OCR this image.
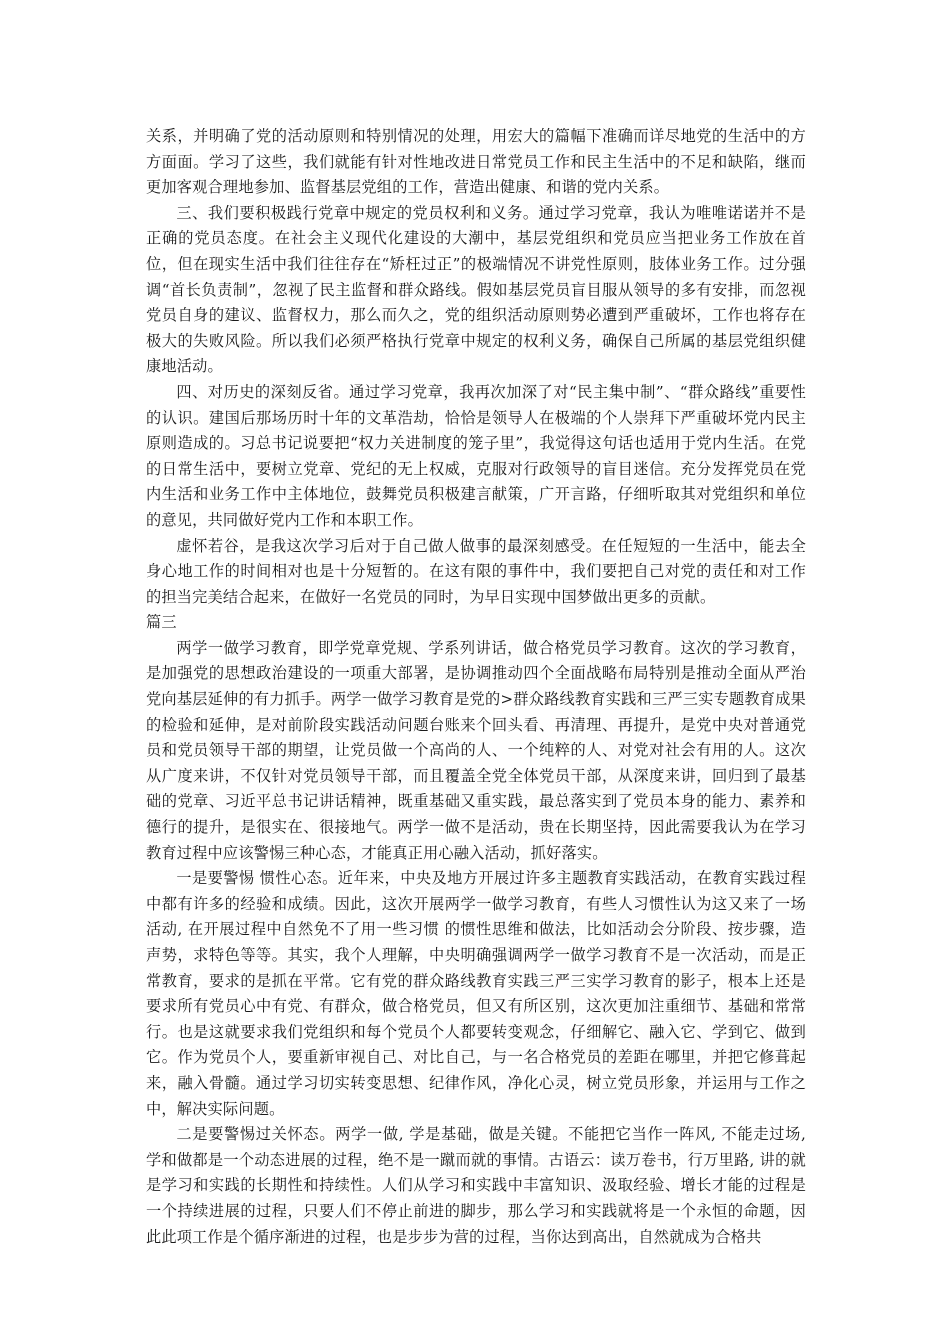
关系，并明确了党的活动原则和特别情况的处理，用宏大的篇幅下准确而详尽地党的生活中的方方面面。学习了这些，我们就能有针对性地改进日常党员工作和民主生活中的不足和缺陷，继而更加客观合理地参加、监督基层党组的工作，营造出健康、和谐的党内关系。

三、我们要积极践行党章中规定的党员权利和义务。通过学习党章，我认为唯唯诺诺并不是正确的党员态度。在社会主义现代化建设的大潮中，基层党组织和党员应当把业务工作放在首位，但在现实生活中我们往往存在“矫枉过正”的极端情况不讲党性原则，肢体业务工作。过分强调“首长负责制”，忽视了民主监督和群众路线。假如基层党员盲目服从领导的多有安排，而忽视党员自身的建议、监督权力，那么而久之，党的组织活动原则势必遭到严重破坏，工作也将存在极大的失败风险。所以我们必须严格执行党章中规定的权利义务，确保自己所属的基层党组织健康地活动。

四、对历史的深刻反省。通过学习党章，我再次加深了对“民主集中制”、“群众路线”重要性的认识。建国后那场历时十年的文革浩劫，恰恰是领导人在极端的个人崇拜下严重破坏党内民主原则造成的。习总书记说要把“权力关进制度的笼子里”，我觉得这句话也适用于党内生活。在党的日常生活中，要树立党章、党纪的无上权威，克服对行政领导的盲目迷信。充分发挥党员在党内生活和业务工作中主体地位，鼓舞党员积极建言献策，广开言路，仔细听取其对党组织和单位的意见，共同做好党内工作和本职工作。

虚怀若谷，是我这次学习后对于自己做人做事的最深刻感受。在任短短的一生活中，能去全身心地工作的时间相对也是十分短暂的。在这有限的事件中，我们要把自己对党的责任和对工作的担当完美结合起来，在做好一名党员的同时，为早日实现中国梦做出更多的贡献。

篇三

两学一做学习教育，即学党章党规、学系列讲话，做合格党员学习教育。这次的学习教育，是加强党的思想政治建设的一项重大部署，是协调推动四个全面战略布局特别是推动全面从严治党向基层延伸的有力抓手。两学一做学习教育是党的>群众路线教育实践和三严三实专题教育成果的检验和延伸，是对前阶段实践活动问题台账来个回头看、再清理、再提升，是党中央对普通党员和党员领导干部的期望，让党员做一个高尚的人、一个纯粹的人、对党对社会有用的人。这次从广度来讲，不仅针对党员领导干部，而且覆盖全党全体党员干部，从深度来讲，回归到了最基础的党章、习近平总书记讲话精神，既重基础又重实践，最总落实到了党员本身的能力、素养和德行的提升，是很实在、很接地气。两学一做不是活动，贵在长期坚持，因此需要我认为在学习教育过程中应该警惕三种心态，才能真正用心融入活动，抓好落实。

一是要警惕 惯性心态。近年来，中央及地方开展过许多主题教育实践活动，在教育实践过程中都有许多的经验和成绩。因此，这次开展两学一做学习教育，有些人习惯性认为这又来了一场活动, 在开展过程中自然免不了用一些习惯 的惯性思维和做法，比如活动会分阶段、按步骤，造声势，求特色等等。其实，我个人理解，中央明确强调两学一做学习教育不是一次活动，而是正常教育，要求的是抓在平常。它有党的群众路线教育实践三严三实学习教育的影子，根本上还是要求所有党员心中有党、有群众，做合格党员，但又有所区别，这次更加注重细节、基础和常常行。也是这就要求我们党组织和每个党员个人都要转变观念，仔细解它、融入它、学到它、做到它。作为党员个人，要重新审视自己、对比自己，与一名合格党员的差距在哪里，并把它修葺起来，融入骨髓。通过学习切实转变思想、纪律作风，净化心灵，树立党员形象，并运用与工作之中，解决实际问题。

二是要警惕过关怀态。两学一做, 学是基础，做是关键。不能把它当作一阵风, 不能走过场, 学和做都是一个动态进展的过程，绝不是一蹴而就的事情。古语云：读万卷书，行万里路, 讲的就是学习和实践的长期性和持续性。人们从学习和实践中丰富知识、汲取经验、增长才能的过程是一个持续进展的过程，只要人们不停止前进的脚步，那么学习和实践就将是一个永恒的命题，因此此项工作是个循序渐进的过程，也是步步为营的过程，当你达到高出，自然就成为合格共
